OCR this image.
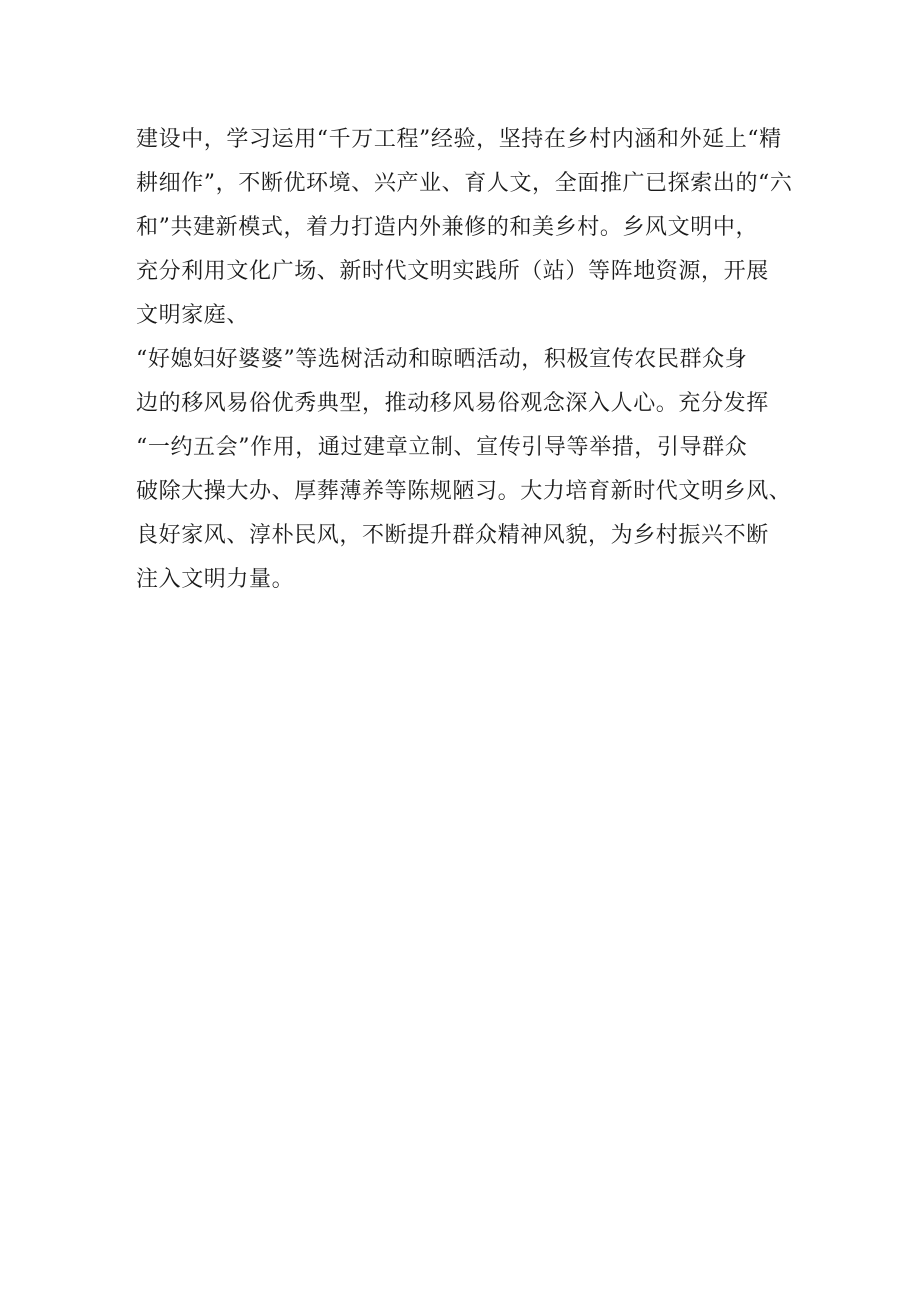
建设中，学习运用“千万工程”经验，坚持在乡村内涵和外延上“精
耕细作”，不断优环境、兴产业、育人文，全面推广已探索出的“六
和”共建新模式，着力打造内外兼修的和美乡村。乡风文明中，
充分利用文化广场、新时代文明实践所（站）等阵地资源，开展
文明家庭、
“好媳妇好婆婆”等选树活动和晾晒活动，积极宣传农民群众身
边的移风易俗优秀典型，推动移风易俗观念深入人心。充分发挥
“一约五会”作用，通过建章立制、宣传引导等举措，引导群众
破除大操大办、厚葬薄养等陈规陋习。大力培育新时代文明乡风、
良好家风、淳朴民风，不断提升群众精神风貌，为乡村振兴不断
注入文明力量。
